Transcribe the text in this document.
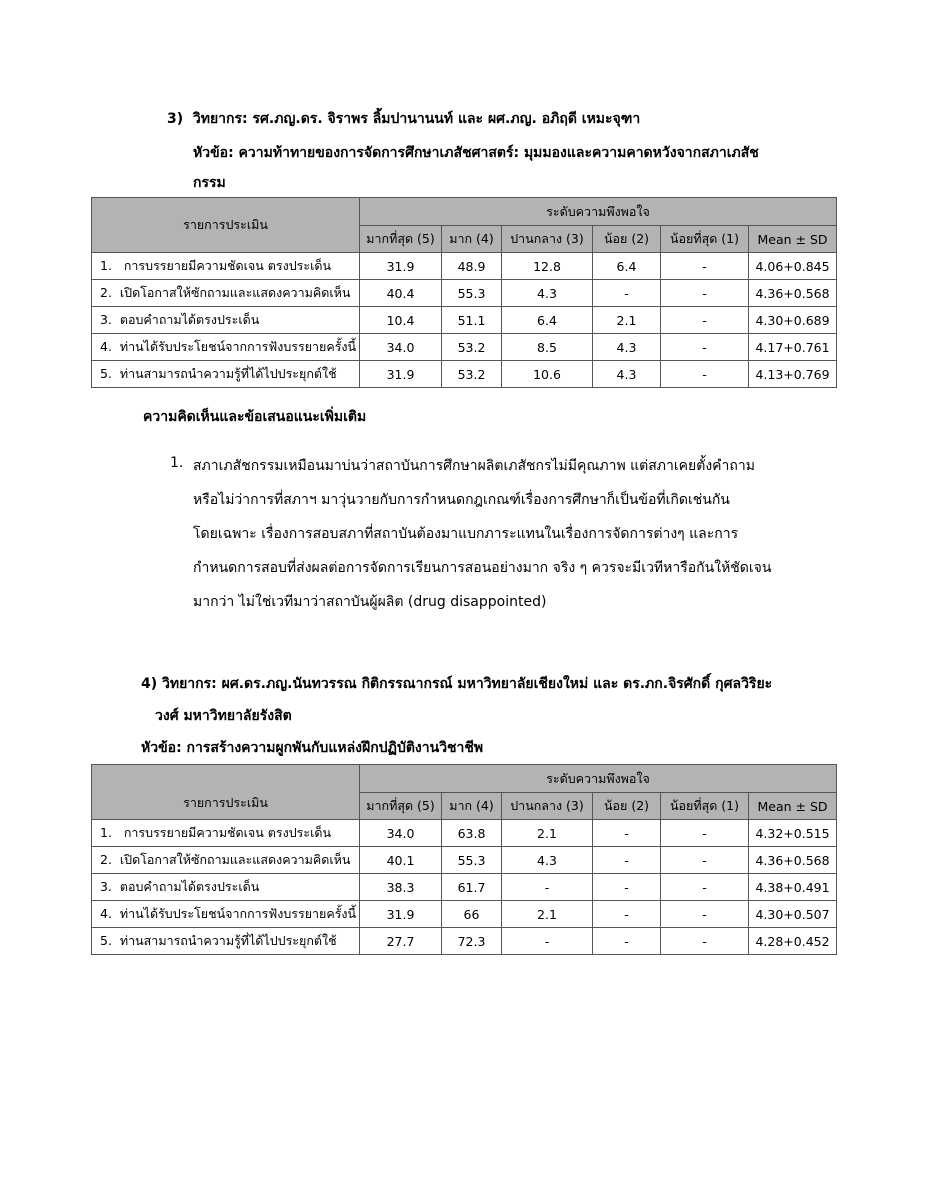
3)  วิทยากร: รศ.ภญ.ดร. จิราพร ลิ้มปานานนท์ และ ผศ.ภญ. อภิฤดี เหมะจุฑา
หัวข้อ: ความท้าทายของการจัดการศึกษาเภสัชศาสตร์: มุมมองและความคาดหวังจากสภาเภสัช
กรรม
รายการประเมิน	ระดับความพึงพอใจ					
	มากที่สุด (5)	มาก (4)	ปานกลาง (3)	น้อย (2)	น้อยที่สุด (1)	Mean ± SD
1.   การบรรยายมีความชัดเจน ตรงประเด็น	31.9	48.9	12.8	6.4	-	4.06+0.845
2.  เปิดโอกาสให้ซักถามและแสดงความคิดเห็น	40.4	55.3	4.3	-	-	4.36+0.568
3.  ตอบคำถามได้ตรงประเด็น	10.4	51.1	6.4	2.1	-	4.30+0.689
4.  ท่านได้รับประโยชน์จากการฟังบรรยายครั้งนี้	34.0	53.2	8.5	4.3	-	4.17+0.761
5.  ท่านสามารถนำความรู้ที่ได้ไปประยุกต์ใช้	31.9	53.2	10.6	4.3	-	4.13+0.769
ความคิดเห็นและข้อเสนอแนะเพิ่มเติม
1. สภาเภสัชกรรมเหมือนมาบ่นว่าสถาบันการศึกษาผลิตเภสัชกรไม่มีคุณภาพ แต่สภาเคยตั้งคำถาม
หรือไม่ว่าการที่สภาฯ มาวุ่นวายกับการกำหนดกฎเกณฑ์เรื่องการศึกษาก็เป็นข้อที่เกิดเช่นกัน
โดยเฉพาะ เรื่องการสอบสภาที่สถาบันต้องมาแบกภาระแทนในเรื่องการจัดการต่างๆ และการ
กำหนดการสอบที่ส่งผลต่อการจัดการเรียนการสอนอย่างมาก จริง ๆ ควรจะมีเวทีหารือกันให้ชัดเจน
มากว่า ไม่ใช่เวทีมาว่าสถาบันผู้ผลิต (drug disappointed)
4) วิทยากร: ผศ.ดร.ภญ.นันทวรรณ กิติกรรณากรณ์ มหาวิทยาลัยเชียงใหม่ และ ดร.ภก.จิรศักดิ์ กุศลวิริยะ
วงศ์ มหาวิทยาลัยรังสิต
หัวข้อ: การสร้างความผูกพันกับแหล่งฝึกปฏิบัติงานวิชาชีพ
รายการประเมิน	ระดับความพึงพอใจ					
	มากที่สุด (5)	มาก (4)	ปานกลาง (3)	น้อย (2)	น้อยที่สุด (1)	Mean ± SD
1.   การบรรยายมีความชัดเจน ตรงประเด็น	34.0	63.8	2.1	-	-	4.32+0.515
2.  เปิดโอกาสให้ซักถามและแสดงความคิดเห็น	40.1	55.3	4.3	-	-	4.36+0.568
3.  ตอบคำถามได้ตรงประเด็น	38.3	61.7	-	-	-	4.38+0.491
4.  ท่านได้รับประโยชน์จากการฟังบรรยายครั้งนี้	31.9	66	2.1	-	-	4.30+0.507
5.  ท่านสามารถนำความรู้ที่ได้ไปประยุกต์ใช้	27.7	72.3	-	-	-	4.28+0.452
